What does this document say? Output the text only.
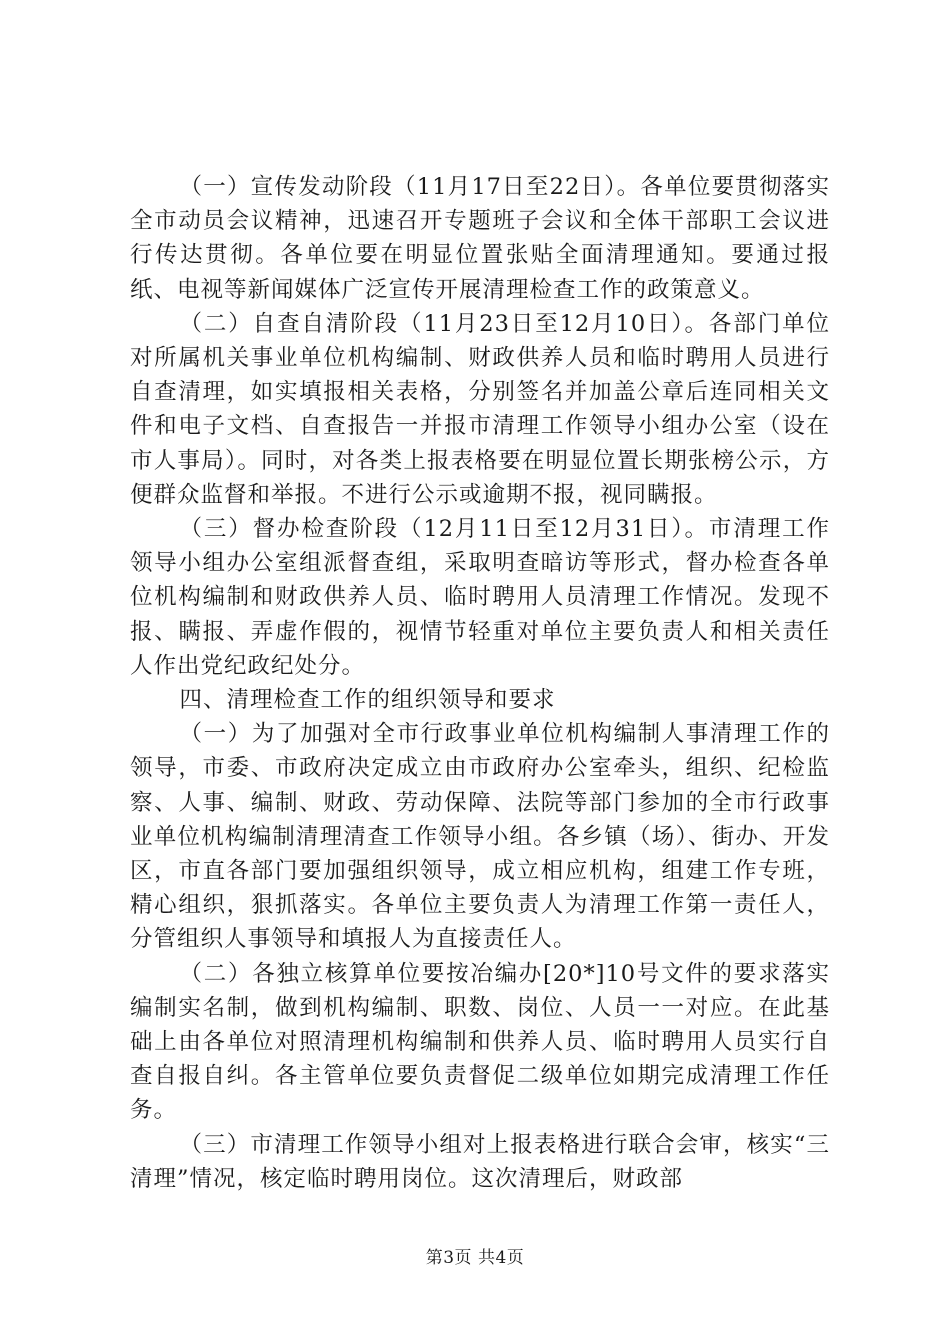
（一）宣传发动阶段（11月17日至22日）。各单位要贯彻落实全市动员会议精神，迅速召开专题班子会议和全体干部职工会议进行传达贯彻。各单位要在明显位置张贴全面清理通知。要通过报纸、电视等新闻媒体广泛宣传开展清理检查工作的政策意义。

（二）自查自清阶段（11月23日至12月10日）。各部门单位对所属机关事业单位机构编制、财政供养人员和临时聘用人员进行自查清理，如实填报相关表格，分别签名并加盖公章后连同相关文件和电子文档、自查报告一并报市清理工作领导小组办公室（设在市人事局）。同时，对各类上报表格要在明显位置长期张榜公示，方便群众监督和举报。不进行公示或逾期不报，视同瞒报。

（三）督办检查阶段（12月11日至12月31日）。市清理工作领导小组办公室组派督查组，采取明查暗访等形式，督办检查各单位机构编制和财政供养人员、临时聘用人员清理工作情况。发现不报、瞒报、弄虚作假的，视情节轻重对单位主要负责人和相关责任人作出党纪政纪处分。

四、清理检查工作的组织领导和要求

（一）为了加强对全市行政事业单位机构编制人事清理工作的领导，市委、市政府决定成立由市政府办公室牵头，组织、纪检监察、人事、编制、财政、劳动保障、法院等部门参加的全市行政事业单位机构编制清理清查工作领导小组。各乡镇（场）、街办、开发区，市直各部门要加强组织领导，成立相应机构，组建工作专班，精心组织，狠抓落实。各单位主要负责人为清理工作第一责任人，分管组织人事领导和填报人为直接责任人。

（二）各独立核算单位要按冶编办[20*]10号文件的要求落实编制实名制，做到机构编制、职数、岗位、人员一一对应。在此基础上由各单位对照清理机构编制和供养人员、临时聘用人员实行自查自报自纠。各主管单位要负责督促二级单位如期完成清理工作任务。

（三）市清理工作领导小组对上报表格进行联合会审，核实“三清理”情况，核定临时聘用岗位。这次清理后，财政部

第3页 共4页
